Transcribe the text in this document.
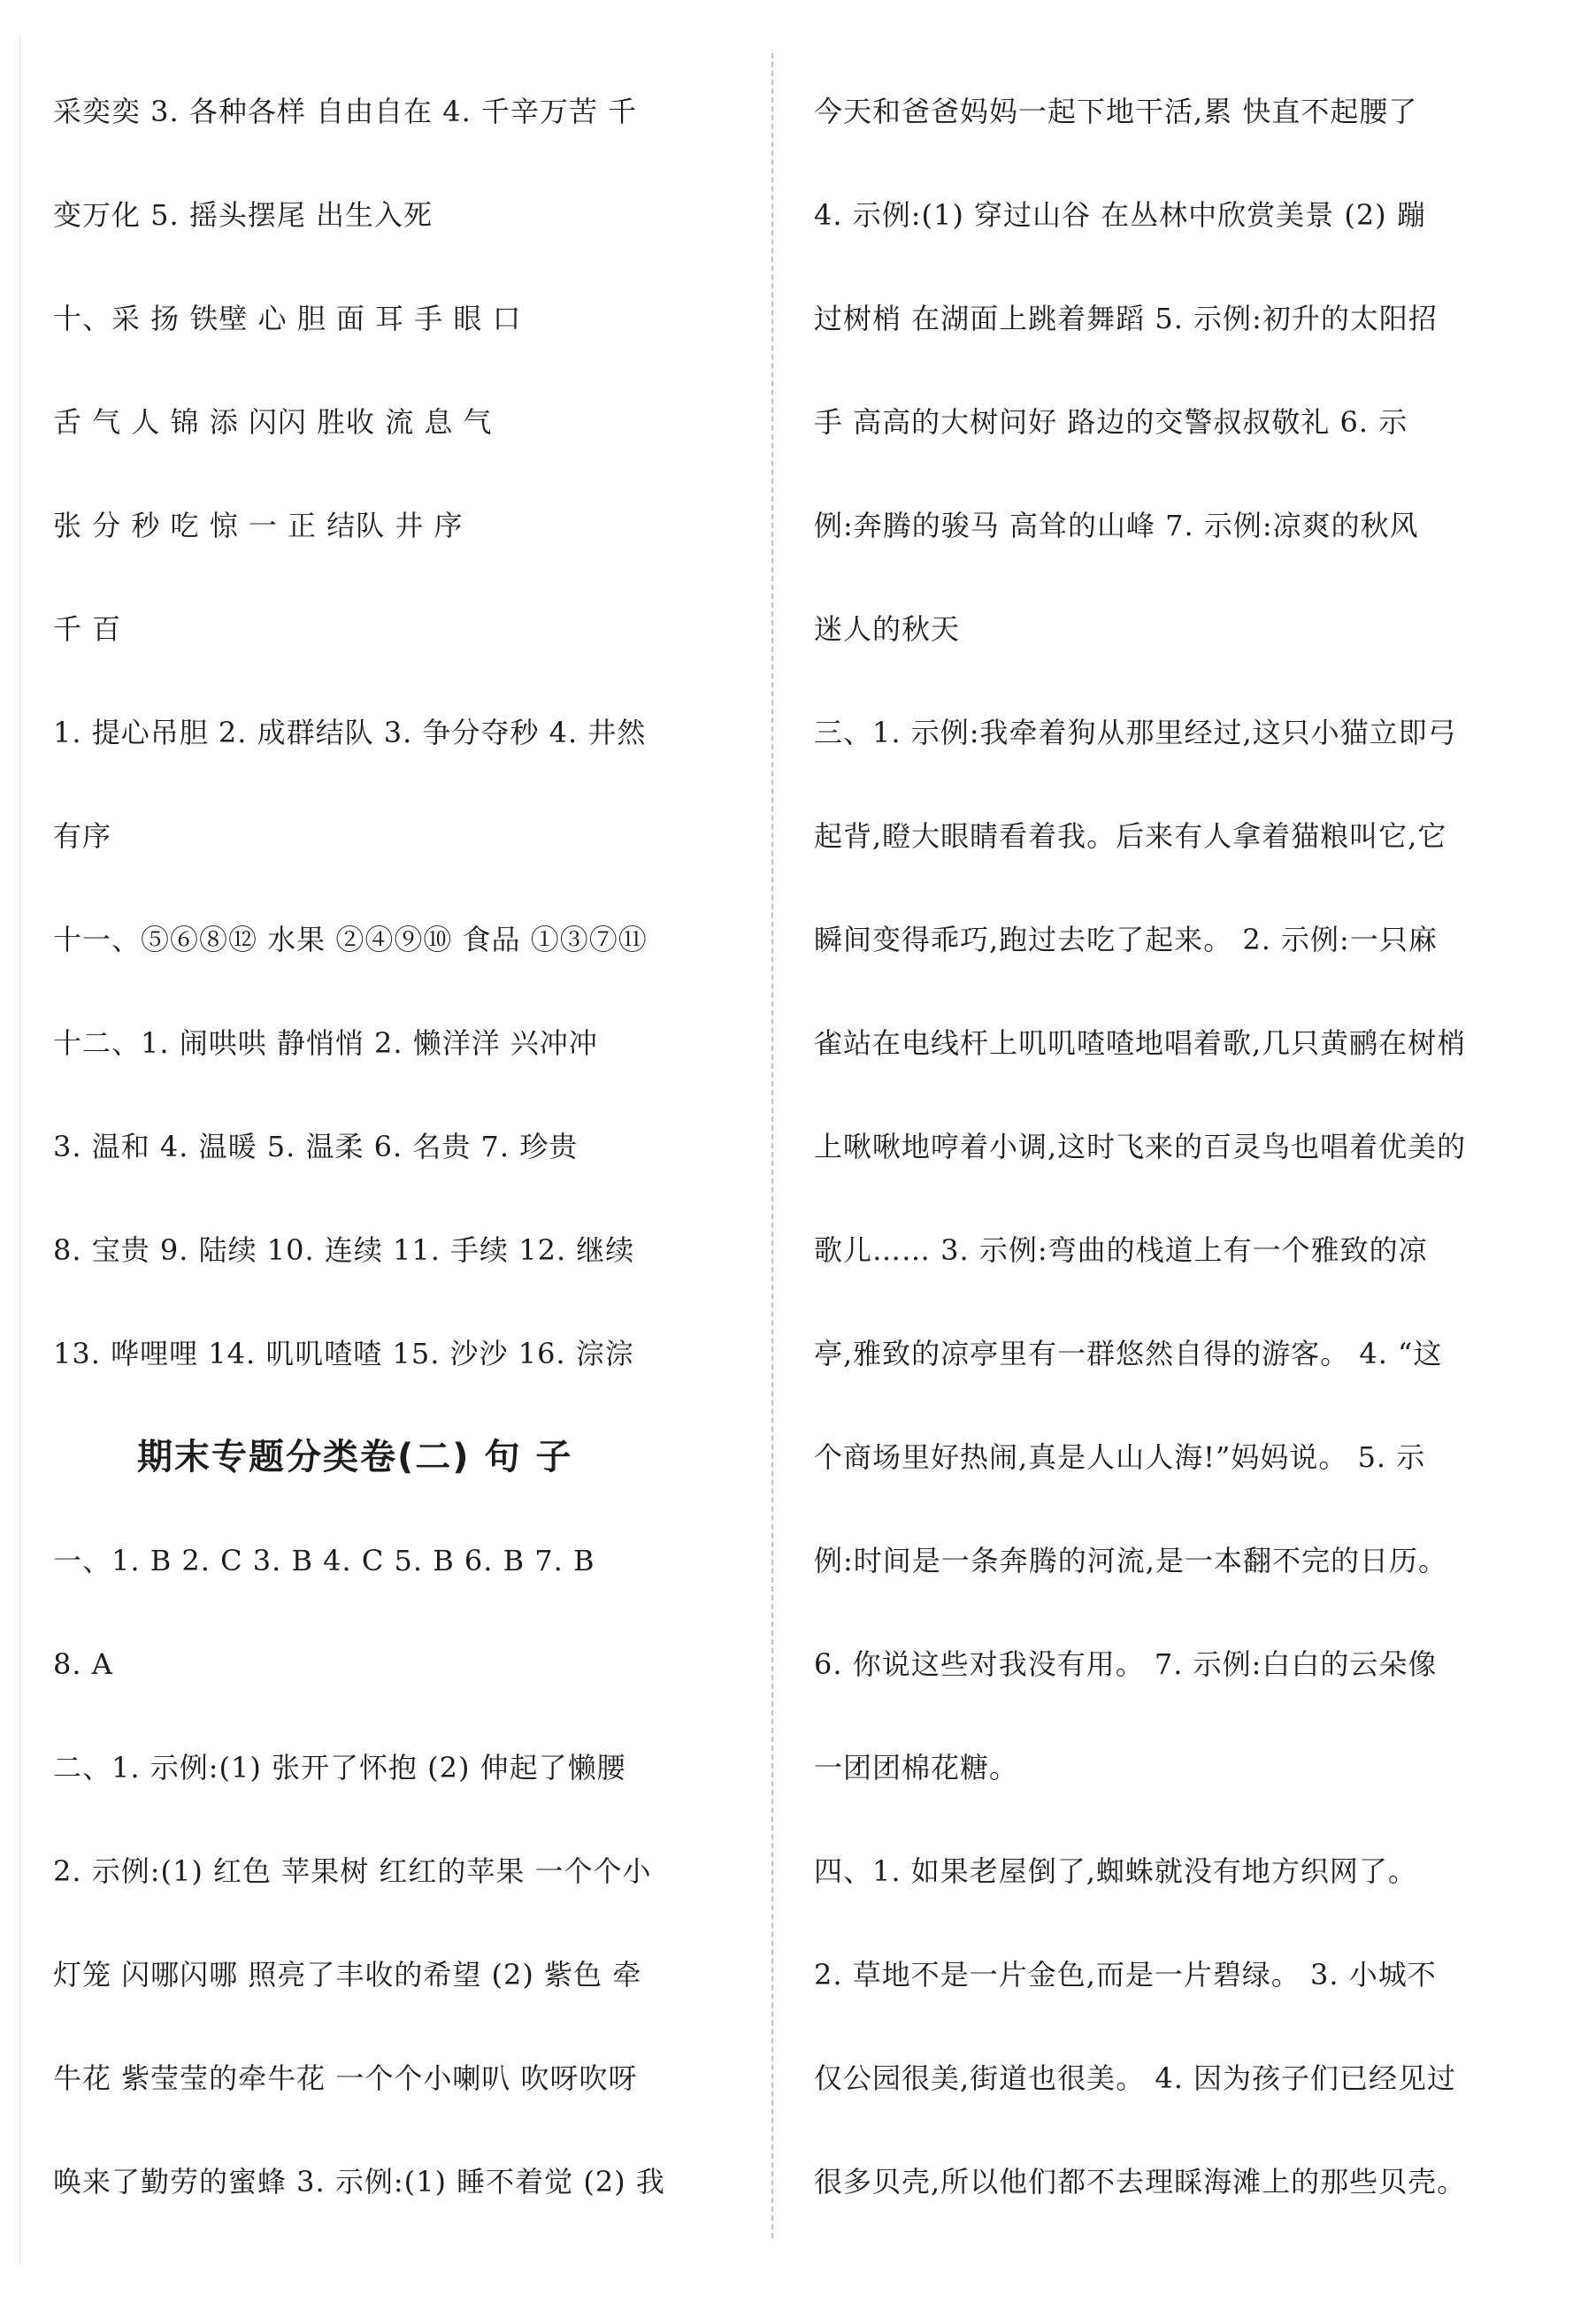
采奕奕 3. 各种各样 自由自在 4. 千辛万苦 千
变万化 5. 摇头摆尾 出生入死
十、采 扬 铁壁 心 胆 面 耳 手 眼 口
舌 气 人 锦 添 闪闪 胜收 流 息 气
张 分 秒 吃 惊 一 正 结队 井 序
千 百
1. 提心吊胆 2. 成群结队 3. 争分夺秒 4. 井然
有序
十一、⑤⑥⑧⑫ 水果 ②④⑨⑩ 食品 ①③⑦⑪
十二、1. 闹哄哄 静悄悄 2. 懒洋洋 兴冲冲
3. 温和 4. 温暖 5. 温柔 6. 名贵 7. 珍贵
8. 宝贵 9. 陆续 10. 连续 11. 手续 12. 继续
13. 哗哩哩 14. 叽叽喳喳 15. 沙沙 16. 淙淙
期末专题分类卷(二) 句 子
一、1. B 2. C 3. B 4. C 5. B 6. B 7. B
8. A
二、1. 示例:(1) 张开了怀抱 (2) 伸起了懒腰
2. 示例:(1) 红色 苹果树 红红的苹果 一个个小
灯笼 闪哪闪哪 照亮了丰收的希望 (2) 紫色 牵
牛花 紫莹莹的牵牛花 一个个小喇叭 吹呀吹呀
唤来了勤劳的蜜蜂 3. 示例:(1) 睡不着觉 (2) 我
今天和爸爸妈妈一起下地干活,累 快直不起腰了
4. 示例:(1) 穿过山谷 在丛林中欣赏美景 (2) 蹦
过树梢 在湖面上跳着舞蹈 5. 示例:初升的太阳招
手 高高的大树问好 路边的交警叔叔敬礼 6. 示
例:奔腾的骏马 高耸的山峰 7. 示例:凉爽的秋风
迷人的秋天
三、1. 示例:我牵着狗从那里经过,这只小猫立即弓
起背,瞪大眼睛看着我。后来有人拿着猫粮叫它,它
瞬间变得乖巧,跑过去吃了起来。 2. 示例:一只麻
雀站在电线杆上叽叽喳喳地唱着歌,几只黄鹂在树梢
上啾啾地哼着小调,这时飞来的百灵鸟也唱着优美的
歌儿…… 3. 示例:弯曲的栈道上有一个雅致的凉
亭,雅致的凉亭里有一群悠然自得的游客。 4. “这
个商场里好热闹,真是人山人海!”妈妈说。 5. 示
例:时间是一条奔腾的河流,是一本翻不完的日历。
6. 你说这些对我没有用。 7. 示例:白白的云朵像
一团团棉花糖。
四、1. 如果老屋倒了,蜘蛛就没有地方织网了。
2. 草地不是一片金色,而是一片碧绿。 3. 小城不
仅公园很美,街道也很美。 4. 因为孩子们已经见过
很多贝壳,所以他们都不去理睬海滩上的那些贝壳。
